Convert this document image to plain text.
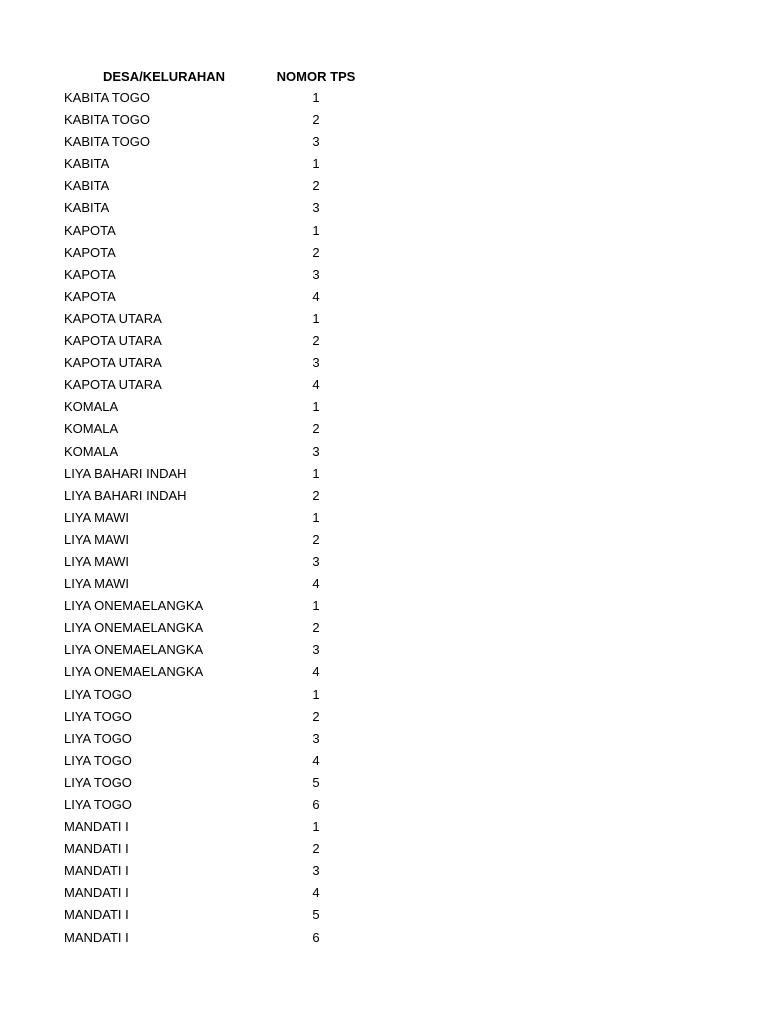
DESA/KELURAHAN	NOMOR TPS
KABITA TOGO	1
KABITA TOGO	2
KABITA TOGO	3
KABITA	1
KABITA	2
KABITA	3
KAPOTA	1
KAPOTA	2
KAPOTA	3
KAPOTA	4
KAPOTA UTARA	1
KAPOTA UTARA	2
KAPOTA UTARA	3
KAPOTA UTARA	4
KOMALA	1
KOMALA	2
KOMALA	3
LIYA BAHARI INDAH	1
LIYA BAHARI INDAH	2
LIYA MAWI	1
LIYA MAWI	2
LIYA MAWI	3
LIYA MAWI	4
LIYA ONEMAELANGKA	1
LIYA ONEMAELANGKA	2
LIYA ONEMAELANGKA	3
LIYA ONEMAELANGKA	4
LIYA TOGO	1
LIYA TOGO	2
LIYA TOGO	3
LIYA TOGO	4
LIYA TOGO	5
LIYA TOGO	6
MANDATI I	1
MANDATI I	2
MANDATI I	3
MANDATI I	4
MANDATI I	5
MANDATI I	6
